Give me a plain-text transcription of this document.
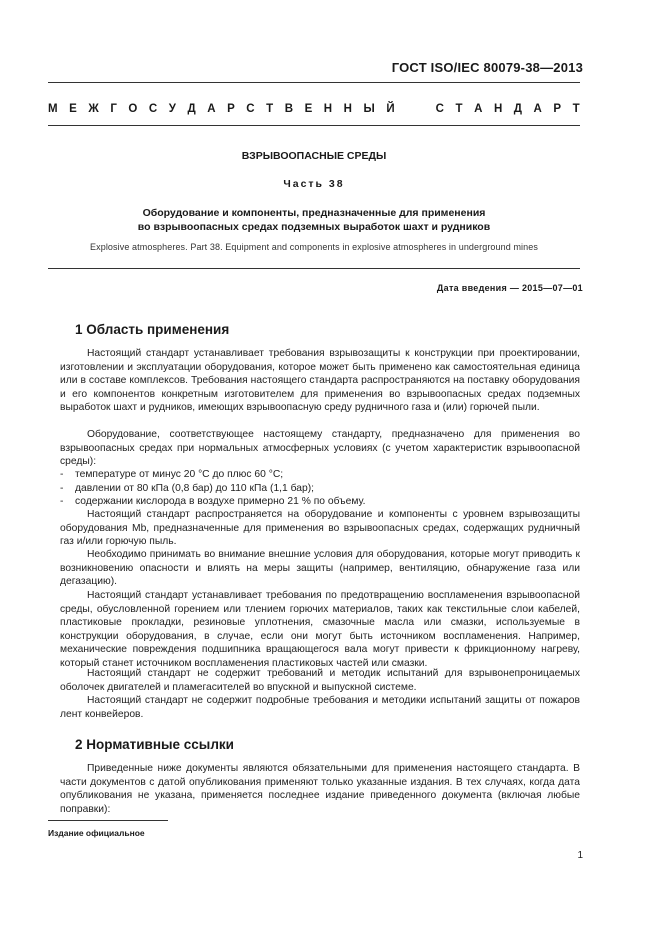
ГОСТ ISO/IEC 80079-38—2013
М Е Ж Г О С У Д А Р С Т В Е Н Н Ы Й

	С Т А Н Д А Р Т
ВЗРЫВООПАСНЫЕ СРЕДЫ
Часть 38
Оборудование и компоненты, предназначенные для применения
во взрывоопасных средах подземных выработок шахт и рудников
Explosive atmospheres. Part 38. Equipment and components in explosive atmospheres in underground mines
Дата введения — 2015—07—01
1 Область применения
Настоящий стандарт устанавливает требования взрывозащиты к конструкции при проектировании, изготовлении и эксплуатации оборудования, которое может быть применено как самостоятельная единица или в составе комплексов. Требования настоящего стандарта распространяются на поставку оборудования и его компонентов конкретным изготовителем для применения во взрывоопасных средах подземных выработок шахт и рудников, имеющих взрывоопасную среду рудничного газа и (или) горючей пыли.
Оборудование, соответствующее настоящему стандарту, предназначено для применения во взрывоопасных средах при нормальных атмосферных условиях (с учетом характеристик взрывоопасной среды):
- температуре от минус 20 °С до плюс 60 °С;
- давлении от 80 кПа (0,8 бар) до 110 кПа (1,1 бар);
- содержании кислорода в воздухе примерно 21 % по объему.
Настоящий стандарт распространяется на оборудование и компоненты с уровнем взрывозащиты оборудования Mb, предназначенные для применения во взрывоопасных средах, содержащих рудничный газ и/или горючую пыль.
Необходимо принимать во внимание внешние условия для оборудования, которые могут приводить к возникновению опасности и влиять на меры защиты (например, вентиляцию, обнаружение газа или дегазацию).
Настоящий стандарт устанавливает требования по предотвращению воспламенения взрывоопасной среды, обусловленной горением или тлением горючих материалов, таких как текстильные слои кабелей, пластиковые прокладки, резиновые уплотнения, смазочные масла или смазки, используемые в конструкции оборудования, в случае, если они могут быть источником воспламенения. Например, механические повреждения подшипника вращающегося вала могут привести к фрикционному нагреву, который станет источником воспламенения пластиковых частей или смазки.
Настоящий стандарт не содержит требований и методик испытаний для взрывонепроницаемых оболочек двигателей и пламегасителей во впускной и выпускной системе.
Настоящий стандарт не содержит подробные требования и методики испытаний защиты от пожаров лент конвейеров.
2 Нормативные ссылки
Приведенные ниже документы являются обязательными для применения настоящего стандарта. В части документов с датой опубликования применяют только указанные издания. В тех случаях, когда дата опубликования не указана, применяется последнее издание приведенного документа (включая любые поправки):
Издание официальное
1
